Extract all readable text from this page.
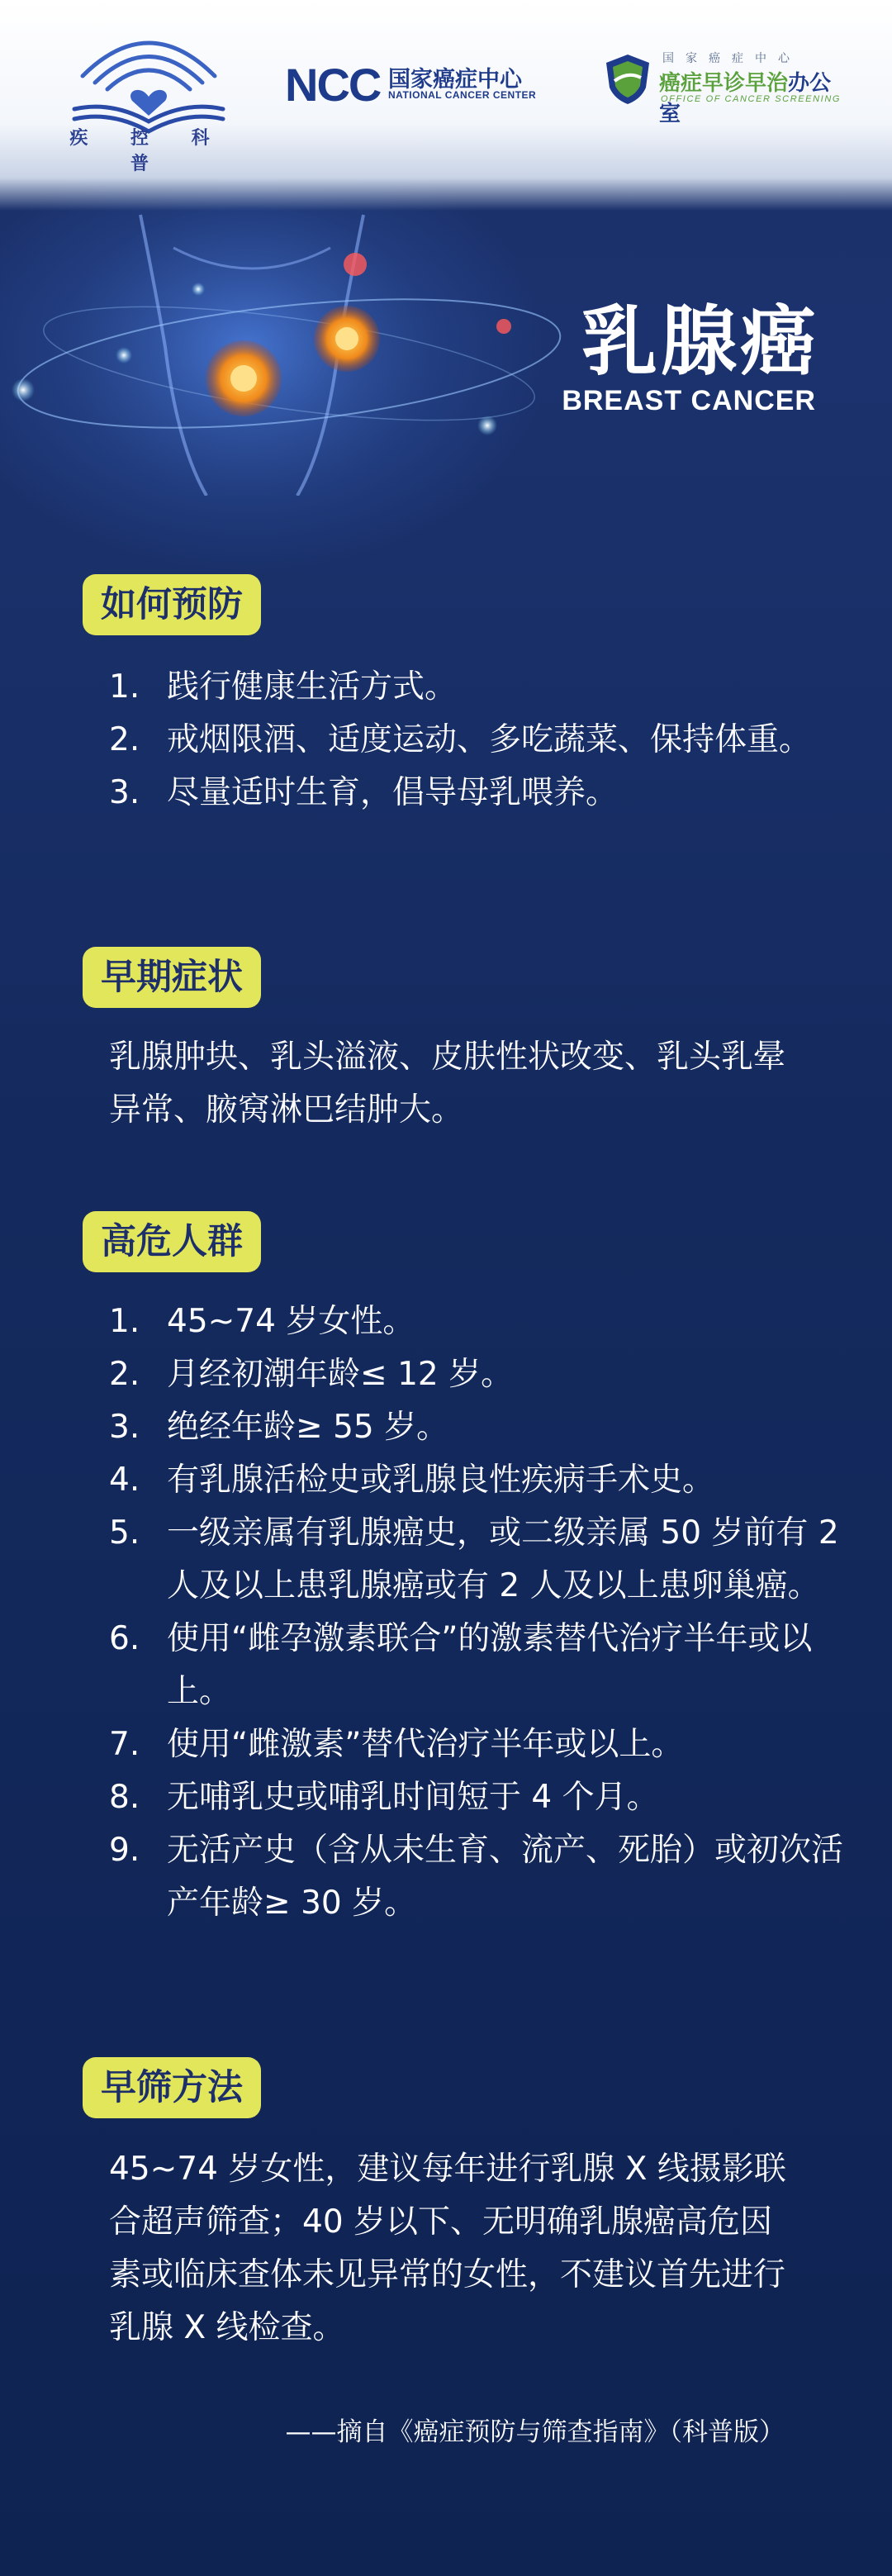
疾 控 科 普
NCC 国家癌症中心
NATIONAL CANCER CENTER
国家癌症中心
癌症早诊早治办公室
OFFICE OF CANCER SCREENING
乳腺癌
BREAST CANCER
如何预防
1. 践行健康生活方式。
2. 戒烟限酒、适度运动、多吃蔬菜、保持体重。
3. 尽量适时生育，倡导母乳喂养。
早期症状

乳腺肿块、乳头溢液、皮肤性状改变、乳头乳晕异常、腋窝淋巴结肿大。

高危人群
1. 45~74 岁女性。
2. 月经初潮年龄≤ 12 岁。
3. 绝经年龄≥ 55 岁。
4. 有乳腺活检史或乳腺良性疾病手术史。
5. 一级亲属有乳腺癌史，或二级亲属 50 岁前有 2 人及以上患乳腺癌或有 2 人及以上患卵巢癌。
6. 使用“雌孕激素联合”的激素替代治疗半年或以上。
7. 使用“雌激素”替代治疗半年或以上。
8. 无哺乳史或哺乳时间短于 4 个月。
9. 无活产史（含从未生育、流产、死胎）或初次活产年龄≥ 30 岁。
早筛方法

45~74 岁女性，建议每年进行乳腺 X 线摄影联合超声筛查；40 岁以下、无明确乳腺癌高危因素或临床查体未见异常的女性，不建议首先进行乳腺 X 线检查。

——摘自《癌症预防与筛查指南》（科普版）
